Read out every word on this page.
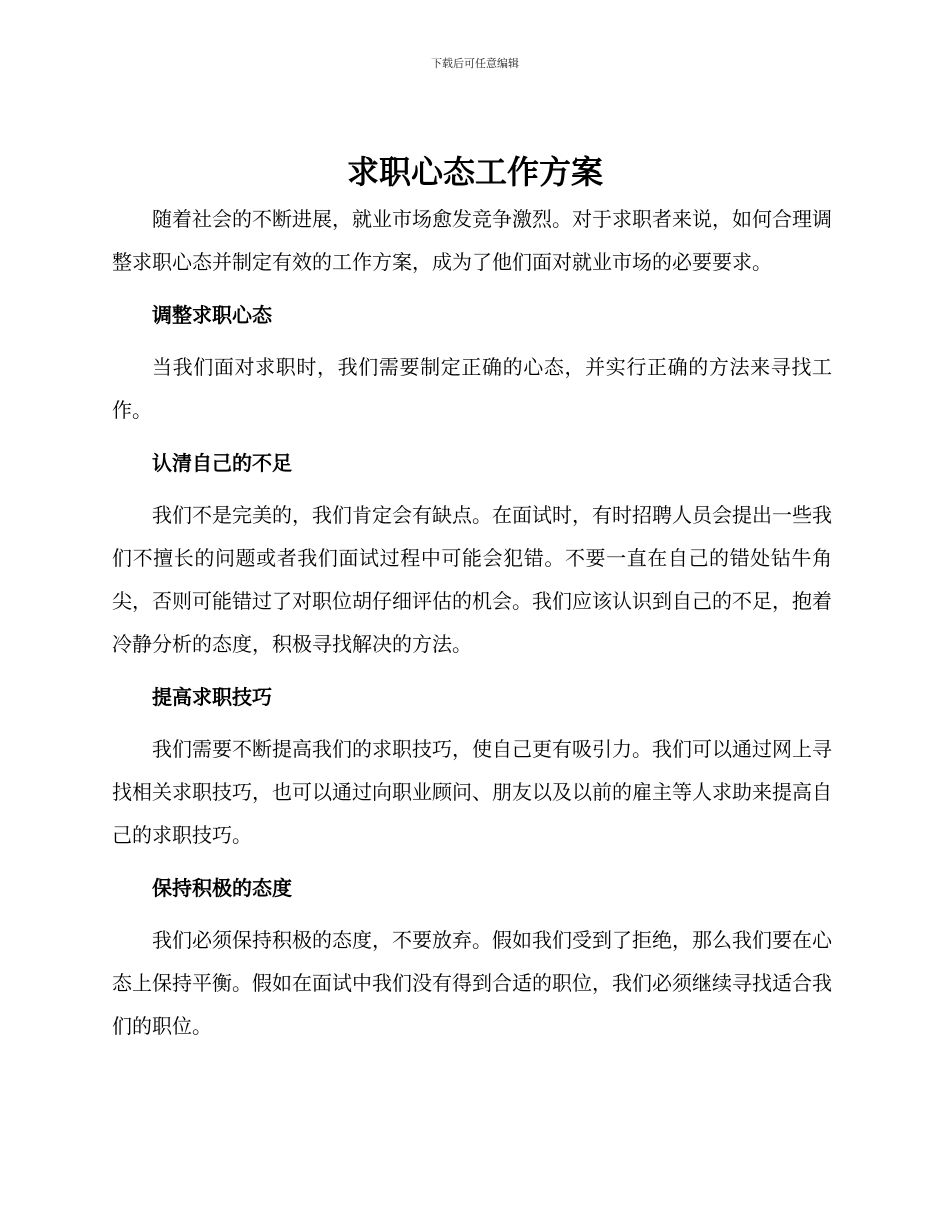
下载后可任意编辑
求职心态工作方案

随着社会的不断进展，就业市场愈发竞争激烈。对于求职者来说，如何合理调整求职心态并制定有效的工作方案，成为了他们面对就业市场的必要要求。

调整求职心态

当我们面对求职时，我们需要制定正确的心态，并实行正确的方法来寻找工作。

认清自己的不足

我们不是完美的，我们肯定会有缺点。在面试时，有时招聘人员会提出一些我们不擅长的问题或者我们面试过程中可能会犯错。不要一直在自己的错处钻牛角尖，否则可能错过了对职位胡仔细评估的机会。我们应该认识到自己的不足，抱着冷静分析的态度，积极寻找解决的方法。

提高求职技巧

我们需要不断提高我们的求职技巧，使自己更有吸引力。我们可以通过网上寻找相关求职技巧，也可以通过向职业顾问、朋友以及以前的雇主等人求助来提高自己的求职技巧。

保持积极的态度

我们必须保持积极的态度，不要放弃。假如我们受到了拒绝，那么我们要在心态上保持平衡。假如在面试中我们没有得到合适的职位，我们必须继续寻找适合我们的职位。
